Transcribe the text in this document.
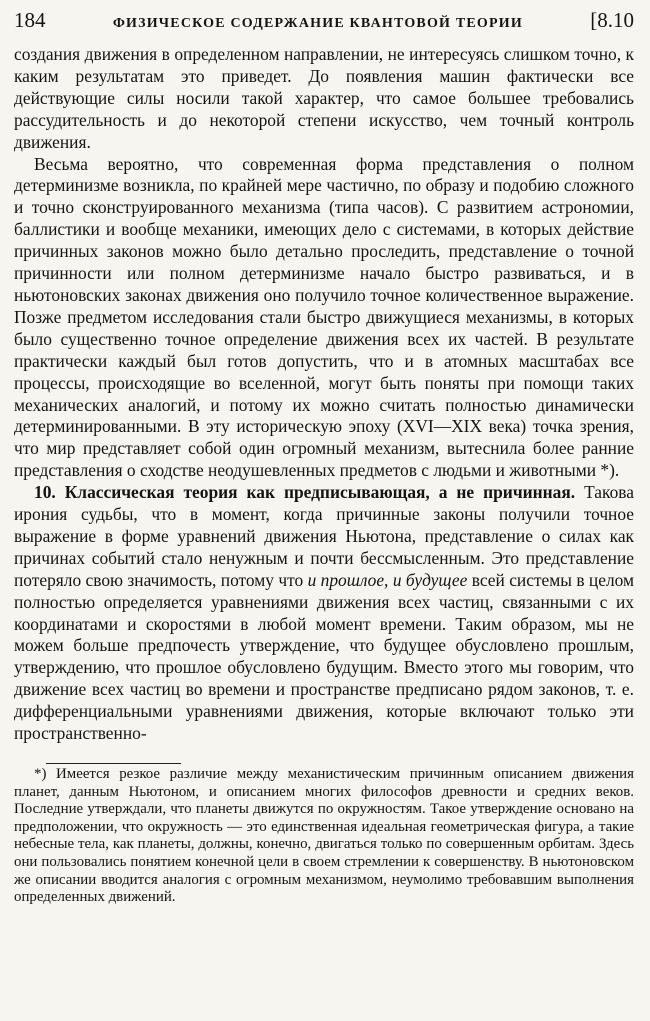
184	ФИЗИЧЕСКОЕ СОДЕРЖАНИЕ КВАНТОВОЙ ТЕОРИИ	[8.10

создания движения в определенном направлении, не интересуясь слишком точно, к каким результатам это приведет. До появления машин фактически все действующие силы носили такой характер, что самое большее требовались рассудительность и до некоторой степени искусство, чем точный контроль движения.

Весьма вероятно, что современная форма представления о полном детерминизме возникла, по крайней мере частично, по образу и подобию сложного и точно сконструированного механизма (типа часов). С развитием астрономии, баллистики и вообще механики, имеющих дело с системами, в которых действие причинных законов можно было детально проследить, представление о точной причинности или полном детерминизме начало быстро развиваться, и в ньютоновских законах движения оно получило точное количественное выражение. Позже предметом исследования стали быстро движущиеся механизмы, в которых было существенно точное определение движения всех их частей. В результате практически каждый был готов допустить, что и в атомных масштабах все процессы, происходящие во вселенной, могут быть поняты при помощи таких механических аналогий, и потому их можно считать полностью динамически детерминированными. В эту историческую эпоху (XVI—XIX века) точка зрения, что мир представляет собой один огромный механизм, вытеснила более ранние представления о сходстве неодушевленных предметов с людьми и животными *).

10. Классическая теория как предписывающая, а не причинная. Такова ирония судьбы, что в момент, когда причинные законы получили точное выражение в форме уравнений движения Ньютона, представление о силах как причинах событий стало ненужным и почти бессмысленным. Это представление потеряло свою значимость, потому что и прошлое, и будущее всей системы в целом полностью определяется уравнениями движения всех частиц, связанными с их координатами и скоростями в любой момент времени. Таким образом, мы не можем больше предпочесть утверждение, что будущее обусловлено прошлым, утверждению, что прошлое обусловлено будущим. Вместо этого мы говорим, что движение всех частиц во времени и пространстве предписано рядом законов, т. е. дифференциальными уравнениями движения, которые включают только эти пространственно-

*) Имеется резкое различие между механистическим причинным описанием движения планет, данным Ньютоном, и описанием многих философов древности и средних веков. Последние утверждали, что планеты движутся по окружностям. Такое утверждение основано на предположении, что окружность — это единственная идеальная геометрическая фигура, а такие небесные тела, как планеты, должны, конечно, двигаться только по совершенным орбитам. Здесь они пользовались понятием конечной цели в своем стремлении к совершенству. В ньютоновском же описании вводится аналогия с огромным механизмом, неумолимо требовавшим выполнения определенных движений.
